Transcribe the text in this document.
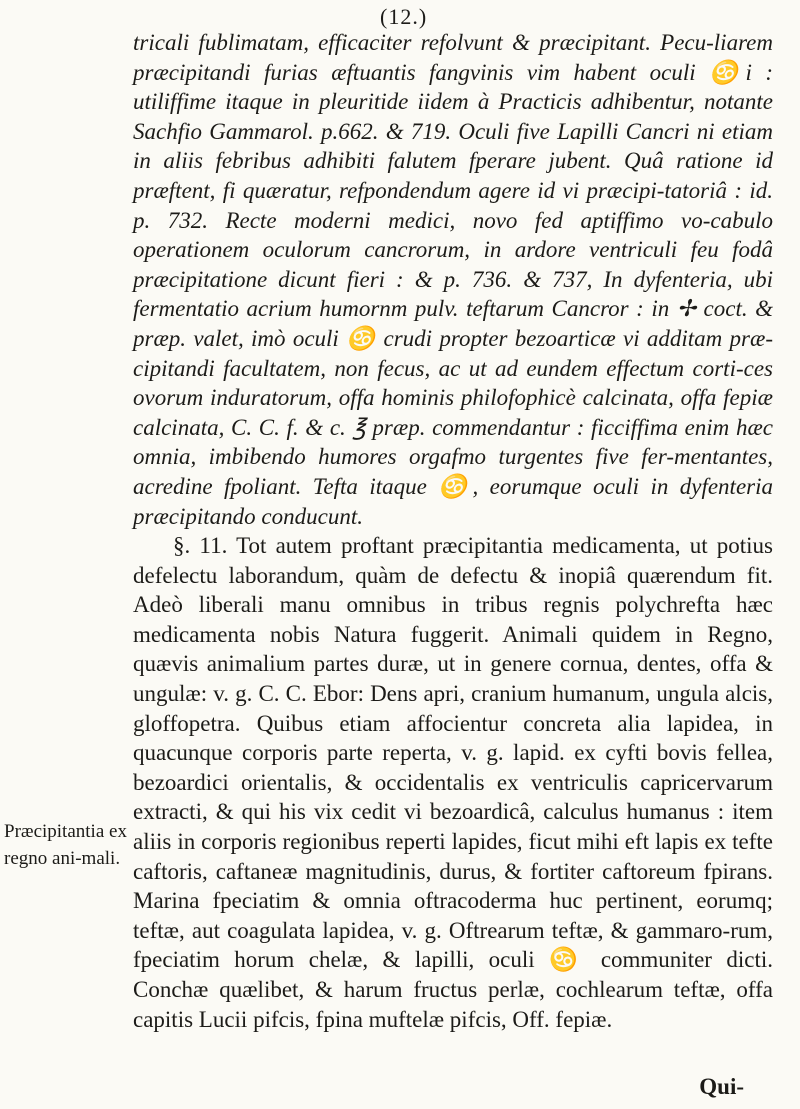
(12.)

tricali fublimatam, efficaciter refolvunt & præcipitant. Pecu-liarem præcipitandi furias æftuantis fangvinis vim habent oculi ♋i : utiliffime itaque in pleuritide iidem à Practicis adhibentur, notante Sachfio Gammarol. p.662. & 719. Oculi five Lapilli Cancri ni etiam in aliis febribus adhibiti falutem fperare jubent. Quâ ratione id præftent, fi quæratur, refpondendum agere id vi præcipi-tatoriâ : id. p. 732. Recte moderni medici, novo fed aptiffimo vo-cabulo operationem oculorum cancrorum, in ardore ventriculi feu fodâ præcipitatione dicunt fieri : & p. 736. & 737, In dyfenteria, ubi fermentatio acrium humornm pulv. teftarum Cancror : in ✢ coct. & præp. valet, imò oculi ♋ crudi propter bezoarticæ vi additam præ-cipitandi facultatem, non fecus, ac ut ad eundem effectum corti-ces ovorum induratorum, offa hominis philofophicè calcinata, offa fepiæ calcinata, C. C. f. & c. ℥ præp. commendantur : ficciffima enim hæc omnia, imbibendo humores orgafmo turgentes five fer-mentantes, acredine fpoliant. Tefta itaque ♋, eorumque oculi in dyfenteria præcipitando conducunt.

§. 11. Tot autem proftant præcipitantia medicamenta, ut potius defelectu laborandum, quàm de defectu & inopiâ quærendum fit. Adeò liberali manu omnibus in tribus regnis polychrefta hæc medicamenta nobis Natura fuggerit. Animali quidem in Regno, quævis animalium partes duræ, ut in genere cornua, dentes, offa & ungulæ: v. g. C. C. Ebor: Dens apri, cranium humanum, ungula alcis, gloffopetra. Quibus etiam affocientur concreta alia lapidea, in quacunque corporis parte reperta, v. g. lapid. ex cyfti bovis fellea, bezoardici orientalis, & occidentalis ex ventriculis capricervarum extracti, & qui his vix cedit vi bezoardicâ, calculus humanus : item aliis in corporis regionibus reperti lapides, ficut mihi eft lapis ex tefte caftoris, caftaneæ magnitudinis, durus, & fortiter caftoreum fpirans. Marina fpeciatim & omnia oftracoderma huc pertinent, eorumq; teftæ, aut coagulata lapidea, v. g. Oftrearum teftæ, & gammaro-rum, fpeciatim horum chelæ, & lapilli, oculi ♋ communiter dicti. Conchæ quælibet, & harum fructus perlæ, cochlearum teftæ, offa capitis Lucii pifcis, fpina muftelæ pifcis, Off. fepiæ.

Præcipitantia ex regno ani-mali.
Qui-
